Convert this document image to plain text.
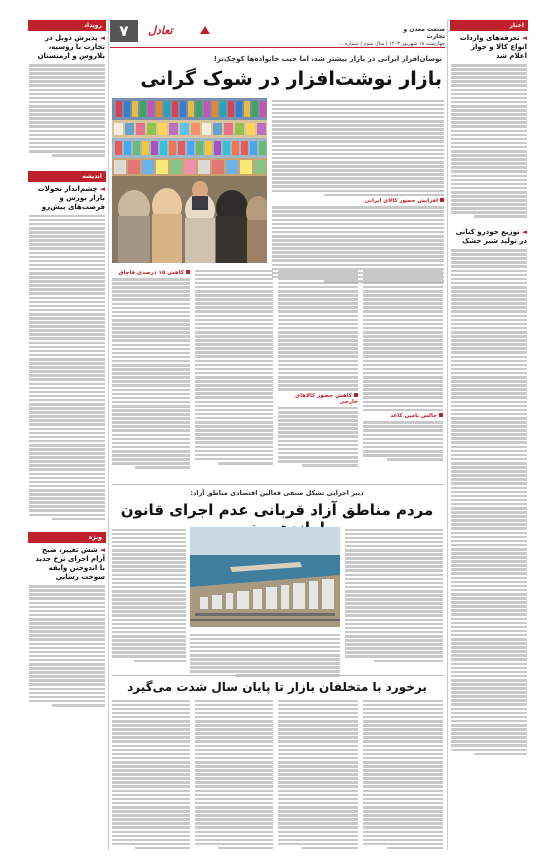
۷	تعادل	صنعت معدن و تجارت
چهارشنبه ۱۸ شهریور ۱۴۰۳ | سال سوم | شماره ...
رویداد
◄پذیرش دوبل در تجارت با روسیه، بلاروس و ارمنستان
اندیشه
◄چشم‌انداز تحولات بازار بورس و فرصت‌های پیش‌رو
ویژه
◄شش تغییر، صبح آرام اجرای نرخ جدید با اندوختن وایقه سوخت رسانی
اخبار
◄تعرفه‌های واردات انواع کالا و جواز اعلام شد
◄توزیع خودرو کنانی در تولید شیر خشک
نوسان‌افزار ایرانی در بازار بیشتر شد، اما جیب خانواده‌ها کوچک‌تر!
بازار نوشت‌افزار در شوک گرانی
افزایش حضور کالای ایرانی
کاهش ۱۵ درصدی قاچاق
کاهش حضور کالاهای خارجی
چالش تامین کاغذ
دبیر اجرایی تشکل صنفی فعالین اقتصادی مناطق آزاد:
مردم مناطق آزاد قربانی عدم اجرای قانون
برخورد با متخلفان بازار تا پایان سال شدت می‌گیرد
